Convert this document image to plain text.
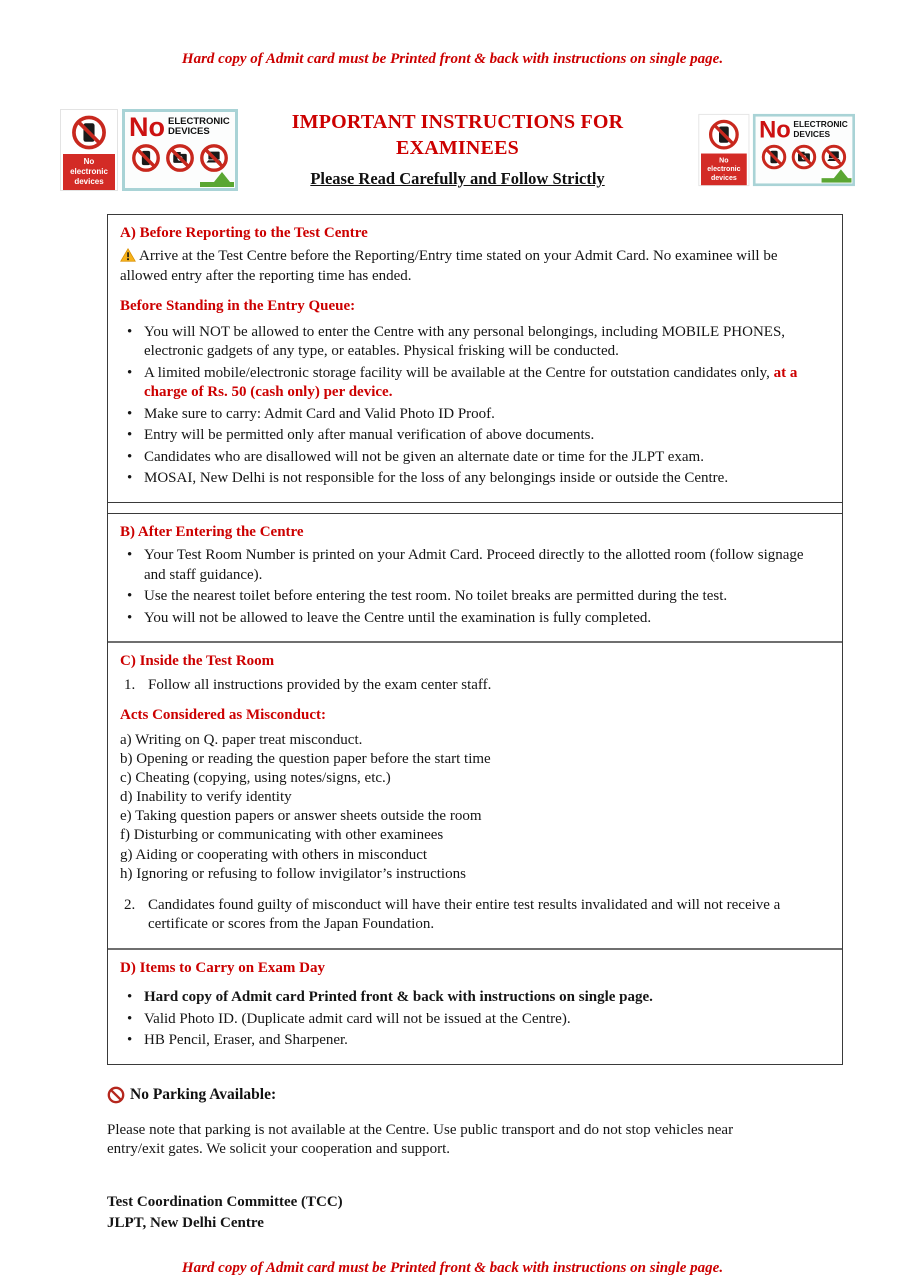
Hard copy of Admit card must be Printed front & back with instructions on single page.
No electronic devices
No ELECTRONIC
DEVICES	IMPORTANT INSTRUCTIONS FOR EXAMINEES
Please Read Carefully and Follow Strictly
No electronic devices
No ELECTRONIC
DEVICES
A) Before Reporting to the Test Centre

Arrive at the Test Centre before the Reporting/Entry time stated on your Admit Card. No examinee will be allowed entry after the reporting time has ended.

Before Standing in the Entry Queue:
• You will NOT be allowed to enter the Centre with any personal belongings, including MOBILE PHONES, electronic gadgets of any type, or eatables. Physical frisking will be conducted.
• A limited mobile/electronic storage facility will be available at the Centre for outstation candidates only, at a charge of Rs. 50 (cash only) per device.
• Make sure to carry: Admit Card and Valid Photo ID Proof.
• Entry will be permitted only after manual verification of above documents.
• Candidates who are disallowed will not be given an alternate date or time for the JLPT exam.
• MOSAI, New Delhi is not responsible for the loss of any belongings inside or outside the Centre.
B) After Entering the Centre
• Your Test Room Number is printed on your Admit Card. Proceed directly to the allotted room (follow signage and staff guidance).
• Use the nearest toilet before entering the test room. No toilet breaks are permitted during the test.
• You will not be allowed to leave the Centre until the examination is fully completed.
C) Inside the Test Room
1. Follow all instructions provided by the exam center staff.
Acts Considered as Misconduct:

a) Writing on Q. paper treat misconduct.

b) Opening or reading the question paper before the start time

c) Cheating (copying, using notes/signs, etc.)

d) Inability to verify identity

e) Taking question papers or answer sheets outside the room

f) Disturbing or communicating with other examinees

g) Aiding or cooperating with others in misconduct

h) Ignoring or refusing to follow invigilator’s instructions

2. Candidates found guilty of misconduct will have their entire test results invalidated and will not receive a certificate or scores from the Japan Foundation.
D) Items to Carry on Exam Day
• Hard copy of Admit card Printed front & back with instructions on single page.
• Valid Photo ID. (Duplicate admit card will not be issued at the Centre).
• HB Pencil, Eraser, and Sharpener.
No Parking Available:

Please note that parking is not available at the Centre. Use public transport and do not stop vehicles near entry/exit gates. We solicit your cooperation and support.

Test Coordination Committee (TCC)
JLPT, New Delhi Centre
Hard copy of Admit card must be Printed front & back with instructions on single page.
